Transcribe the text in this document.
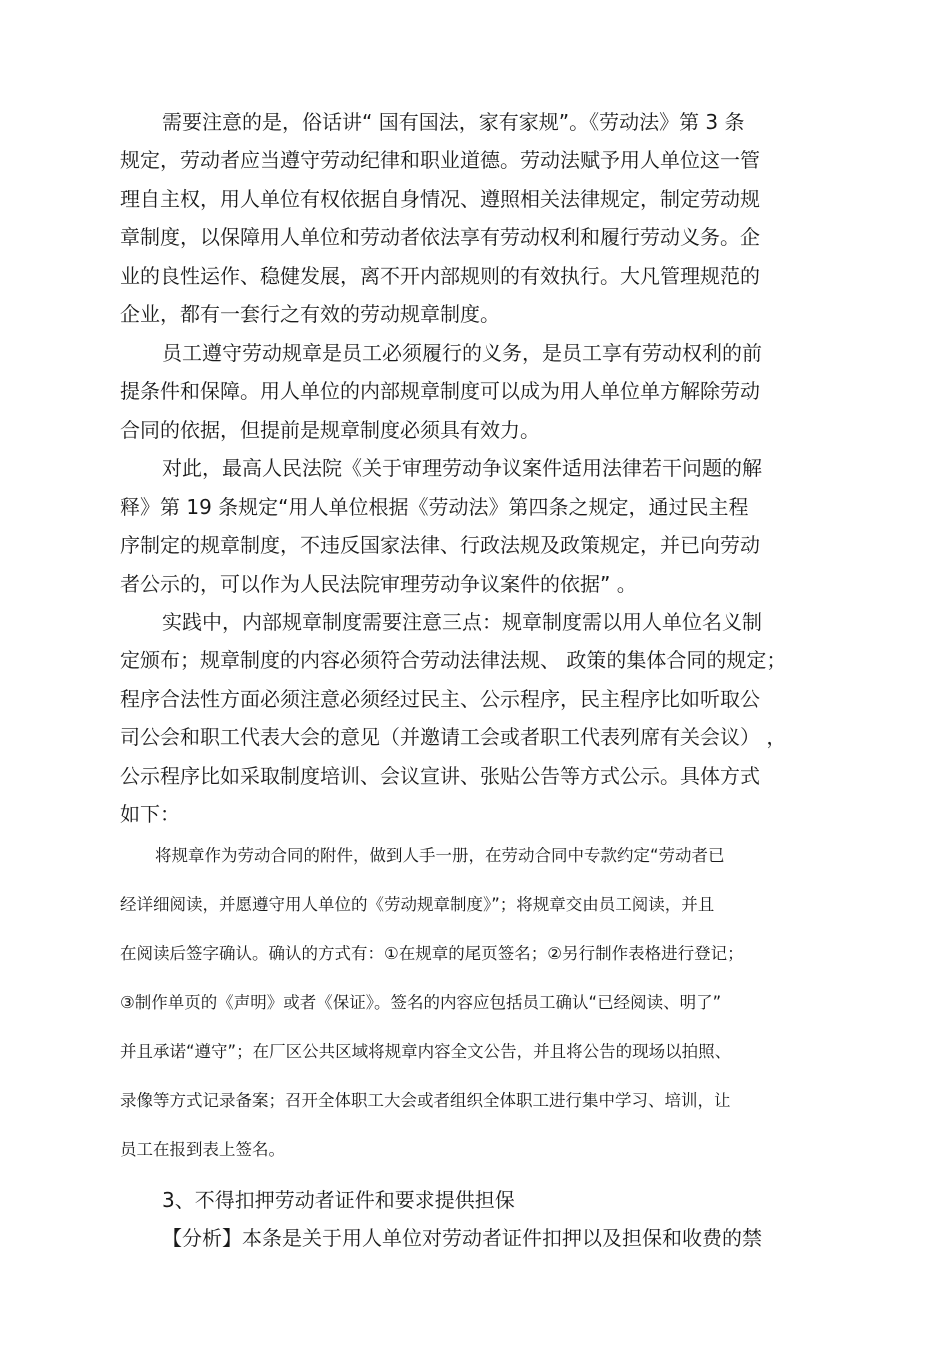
需要注意的是，俗话讲“ 国有国法，家有家规”。《劳动法》第 3 条
规定，劳动者应当遵守劳动纪律和职业道德。劳动法赋予用人单位这一管
理自主权，用人单位有权依据自身情况、遵照相关法律规定，制定劳动规
章制度，以保障用人单位和劳动者依法享有劳动权利和履行劳动义务。企
业的良性运作、稳健发展，离不开内部规则的有效执行。大凡管理规范的
企业，都有一套行之有效的劳动规章制度。
员工遵守劳动规章是员工必须履行的义务，是员工享有劳动权利的前
提条件和保障。用人单位的内部规章制度可以成为用人单位单方解除劳动
合同的依据，但提前是规章制度必须具有效力。
对此，最高人民法院《关于审理劳动争议案件适用法律若干问题的解
释》第 19 条规定“用人单位根据《劳动法》第四条之规定，通过民主程
序制定的规章制度，不违反国家法律、行政法规及政策规定，并已向劳动
者公示的，可以作为人民法院审理劳动争议案件的依据” 。
实践中，内部规章制度需要注意三点：规章制度需以用人单位名义制
定颁布；规章制度的内容必须符合劳动法律法规、 政策的集体合同的规定；
程序合法性方面必须注意必须经过民主、公示程序，民主程序比如听取公
司公会和职工代表大会的意见（并邀请工会或者职工代表列席有关会议） ，
公示程序比如采取制度培训、会议宣讲、张贴公告等方式公示。具体方式
如下：
将规章作为劳动合同的附件，做到人手一册，在劳动合同中专款约定“劳动者已
经详细阅读，并愿遵守用人单位的《劳动规章制度》”；将规章交由员工阅读，并且
在阅读后签字确认。确认的方式有：①在规章的尾页签名；②另行制作表格进行登记；
③制作单页的《声明》或者《保证》。签名的内容应包括员工确认“已经阅读、明了”
并且承诺“遵守”；在厂区公共区域将规章内容全文公告，并且将公告的现场以拍照、
录像等方式记录备案；召开全体职工大会或者组织全体职工进行集中学习、培训，让
员工在报到表上签名。
3、不得扣押劳动者证件和要求提供担保
【分析】本条是关于用人单位对劳动者证件扣押以及担保和收费的禁
